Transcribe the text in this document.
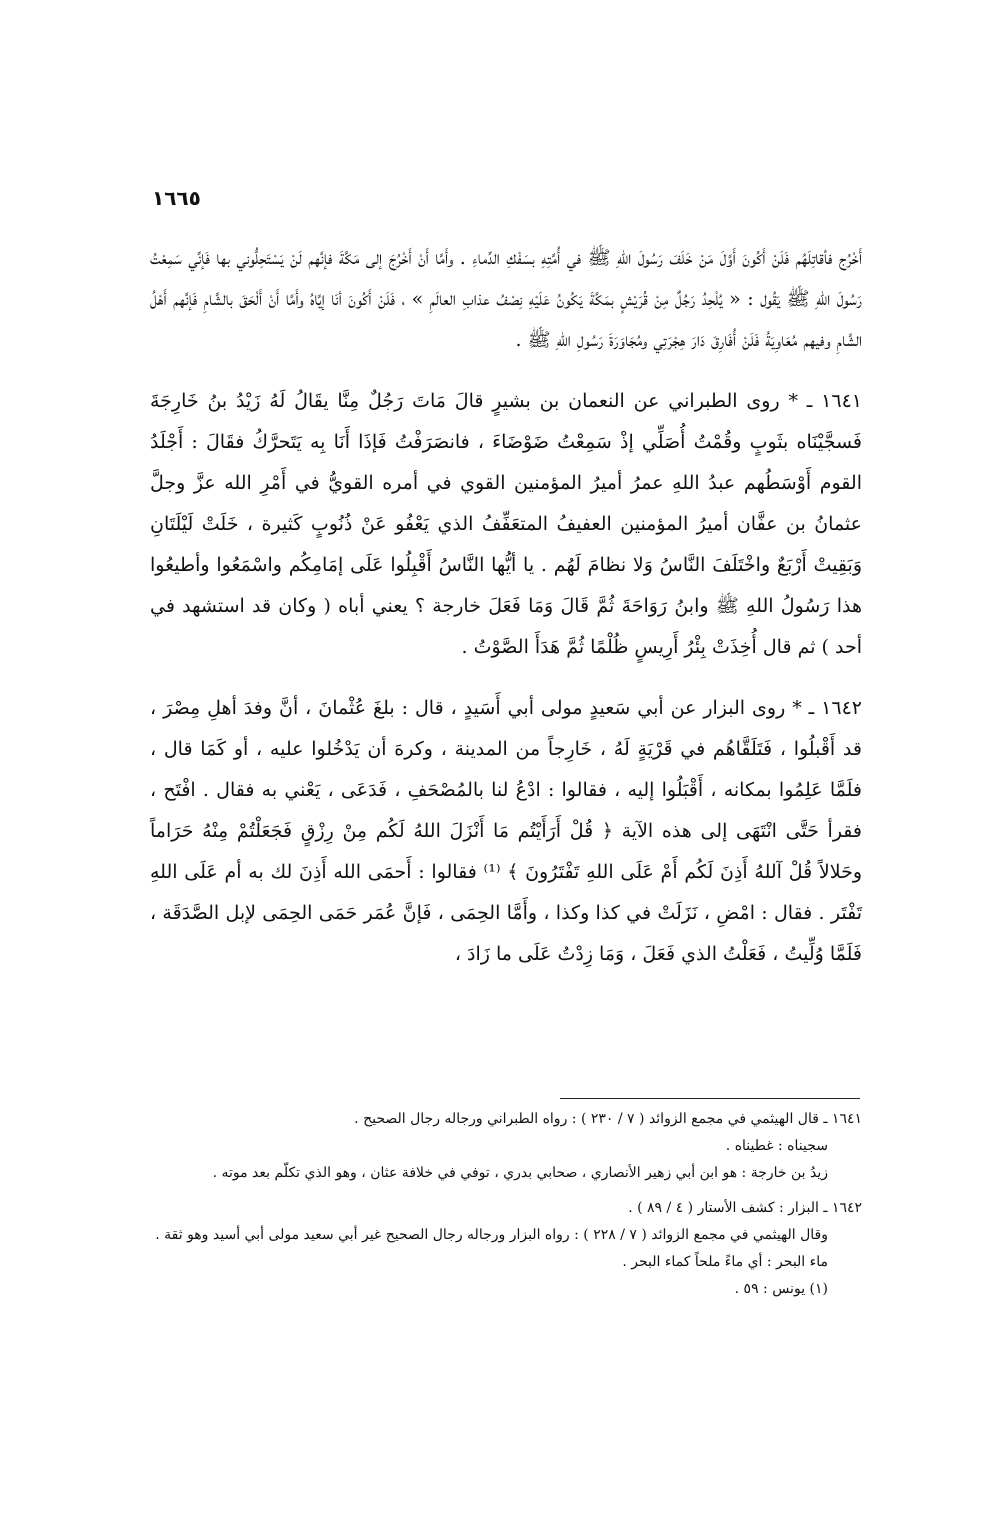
١٦٦٥

أَخْرُج فأقاتِلَهُم فَلَنْ أَكُونَ أَوَّلَ مَنْ خَلَفَ رَسُولَ اللهِ ﷺ في أُمَّتِهِ بسَفْكِ الدِّماءِ . وأَمَّا أَنْ أَخْرُجَ إلى مَكَّةَ فإنَّهم لَنْ يَسْتَحِلُّوني بها فَإنِّي سَمِعْتُ رَسُولَ اللهِ ﷺ يَقُول : « يُلْحِدُ رَجُلٌ مِنْ قُرَيْشٍ بمَكَّةَ يَكُونُ عَلَيْهِ نِصْفُ عذابِ العالَمِ » ، فَلَنْ أَكُونَ أنَا إيَّاهُ وأَمَّا أَنْ أَلْحَقَ بالشَّامِ فَإنَّهم أَهْلُ الشَّامِ وفيهم مُعَاوِيَةُ فَلَنْ أُفَارِقَ دَارَ هِجْرَتِي ومُجَاوَرَةَ رَسُولِ اللهِ ﷺ .

١٦٤١ ـ * روى الطبراني عن النعمان بن بشيرٍ قالَ مَاتَ رَجُلٌ مِنَّا يقَالُ لَهُ زَيْدُ بنُ خَارِجَةَ فَسجَّيْنَاه بثَوبٍ وقُمْتُ أُصَلِّي إذْ سَمِعْتُ ضَوْضَاءَ ، فانصَرَفْتُ فَإذَا أَنَا بِه يَتَحرَّكُ فقَالَ : أَجْلَدُ القوم أَوْسَطُهم عبدُ اللهِ عمرُ أميرُ المؤمنين القوي في أمره القويُّ في أَمْرِ الله عزَّ وجلَّ عثمانُ بن عفَّان أميرُ المؤمنين العفيفُ المتعَفِّفُ الذي يَعْفُو عَنْ ذُنُوبٍ كَثيرة ، خَلَتْ لَيْلَتَانِ وَبَقِيتْ أَرْبَعٌ واخْتَلَفَ النَّاسُ وَلا نظامَ لَهُم . يا أيُّها النَّاسُ أَقْبِلُوا عَلَى إمَامِكُم واسْمَعُوا وأطيعُوا هذا رَسُولُ اللهِ ﷺ وابنُ رَوَاحَةَ ثُمَّ قَالَ وَمَا فَعَلَ خارجة ؟ يعني أباه ( وكان قد استشهد في أحد ) ثم قال أُخِذَتْ بِئْرُ أَرِيسٍ ظُلْمًا ثُمَّ هَدَأَ الصَّوْتُ .

١٦٤٢ ـ * روى البزار عن أبي سَعيدٍ مولى أبي أَسَيدٍ ، قال : بلغَ عُثْمانَ ، أنَّ وفدَ أهلِ مِصْرَ ، قد أَقْبلُوا ، فَتَلَقَّاهُم في قَرْيَةٍ لَهُ ، خَارِجاً من المدينة ، وكرهَ أن يَدْخُلوا عليه ، أو كَمَا قال ، فلَمَّا عَلِمُوا بمكانه ، أَقْبَلُوا إليه ، فقالوا : ادْعُ لنا بالمُصْحَفِ ، فَدَعَى ، يَعْني به فقال . افْتَح ، فقرأ حَتَّى انْتَهَى إلى هذه الآية ﴿ قُلْ أَرَأَيْتُم مَا أَنْزَلَ اللهُ لَكُم مِنْ رِزْقٍ فَجَعَلْتُمْ مِنْهُ حَرَاماً وحَلالاً قُلْ آللهُ أَذِنَ لَكُم أَمْ عَلَى اللهِ تَفْتَرُونَ ﴾ ⁽¹⁾ فقالوا : أَحمَى الله أَذِنَ لك به أم عَلَى اللهِ تَفْتَر . فقال : امْضِ ، نَزَلَتْ في كذا وكذا ، وأَمَّا الحِمَى ، فَإنَّ عُمَر حَمَى الحِمَى لإبل الصَّدَقَة ، فَلَمَّا وُلِّيتُ ، فَعَلْتُ الذي فَعَلَ ، وَمَا زِدْتُ عَلَى ما زَادَ ،

١٦٤١ ـ قال الهيثمي في مجمع الزوائد ( ٧ / ٢٣٠ ) : رواه الطبراني ورجاله رجال الصحيح .

سجيناه : غطيناه .

زيدُ بن خارجة : هو ابن أبي زهير الأنصاري ، صحابي بدري ، توفي في خلافة عثان ، وهو الذي تكلّم بعد موته .

١٦٤٢ ـ البزار : كشف الأستار ( ٤ / ٨٩ ) .

وقال الهيثمي في مجمع الزوائد ( ٧ / ٢٢٨ ) : رواه البزار ورجاله رجال الصحيح غير أبي سعيد مولى أبي أسيد وهو ثقة .

ماء البحر : أي ماءً ملحاً كماء البحر .

(١) يونس : ٥٩ .
